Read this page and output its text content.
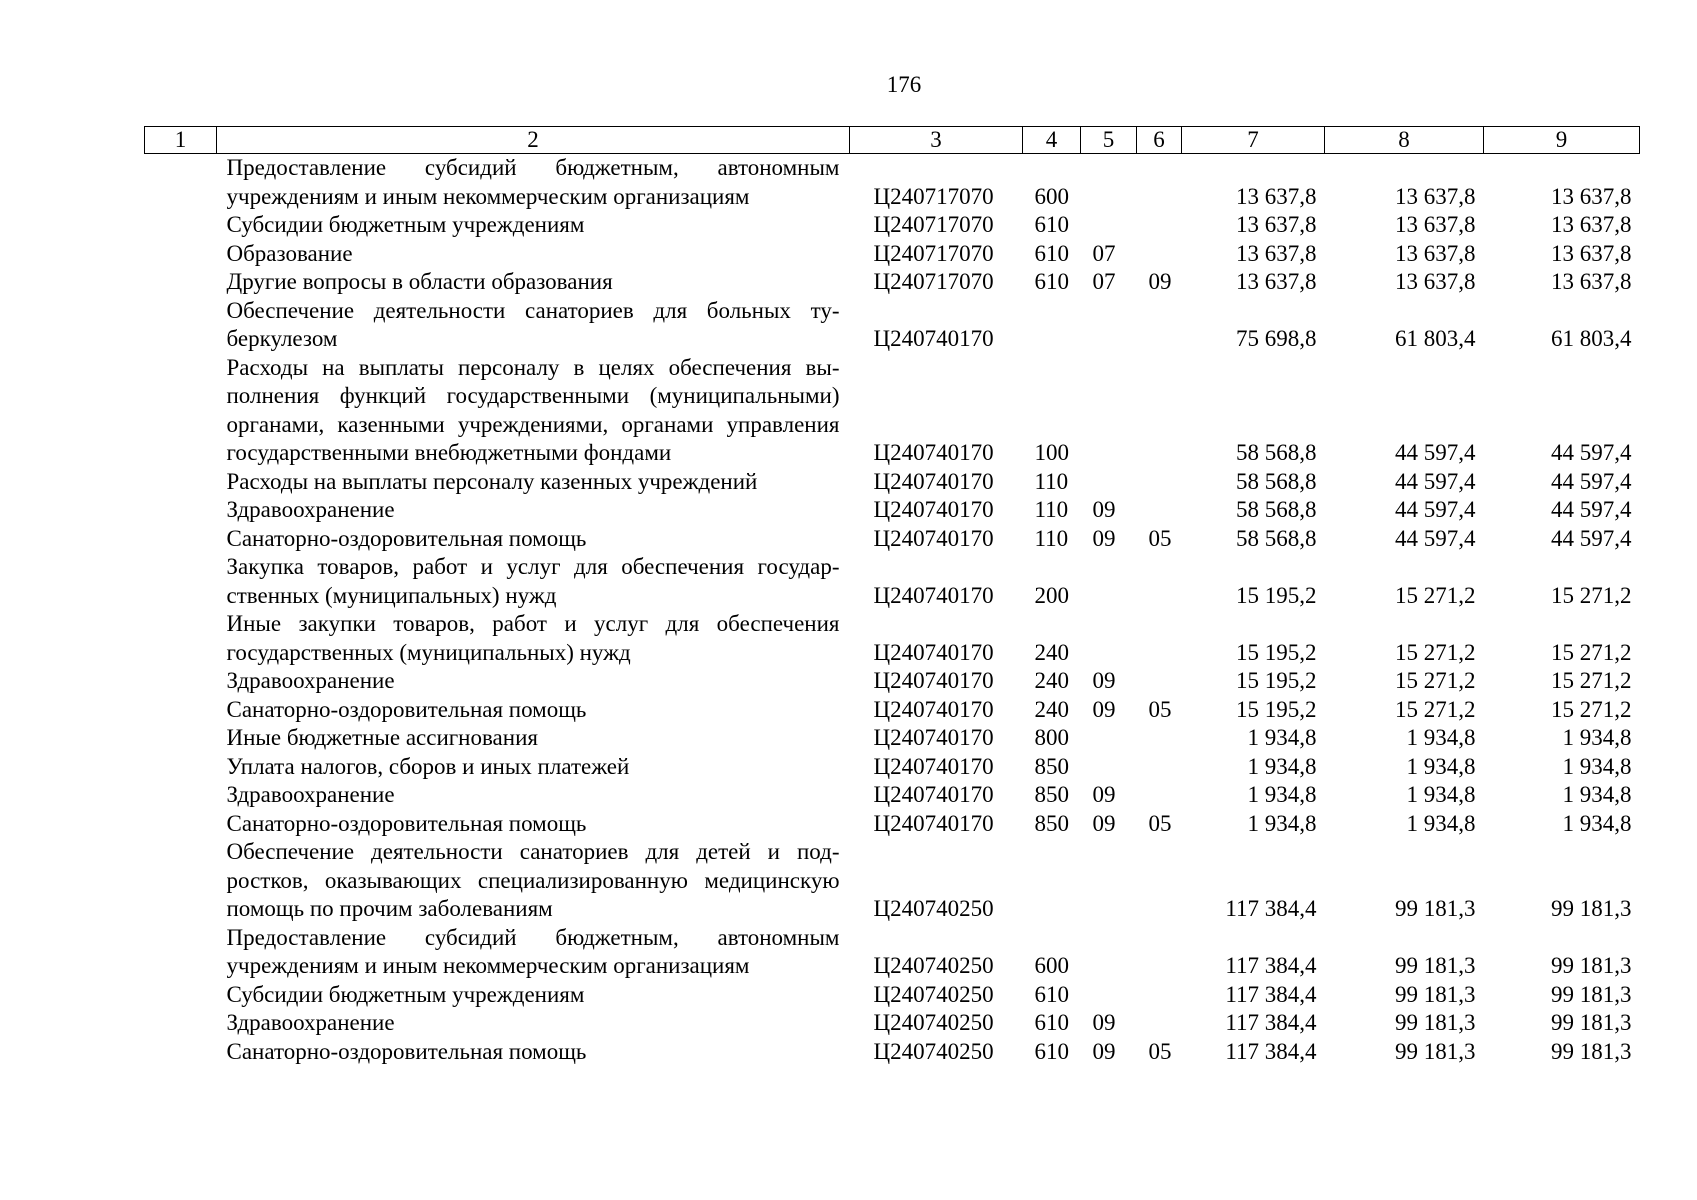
176
1	2	3	4	5	6	7	8	9
	Предоставление субсидий бюджетным, автономным учреждениям и иным некоммерческим организациям	Ц240717070	600			13 637,8	13 637,8	13 637,8
	Субсидии бюджетным учреждениям	Ц240717070	610			13 637,8	13 637,8	13 637,8
	Образование	Ц240717070	610	07		13 637,8	13 637,8	13 637,8
	Другие вопросы в области образования	Ц240717070	610	07	09	13 637,8	13 637,8	13 637,8
	Обеспечение деятельности санаториев для больных туберкулезом	Ц240740170				75 698,8	61 803,4	61 803,4
	Расходы на выплаты персоналу в целях обеспечения выполнения функций государственными (муниципальными) органами, казенными учреждениями, органами управления государственными внебюджетными фондами	Ц240740170	100			58 568,8	44 597,4	44 597,4
	Расходы на выплаты персоналу казенных учреждений	Ц240740170	110			58 568,8	44 597,4	44 597,4
	Здравоохранение	Ц240740170	110	09		58 568,8	44 597,4	44 597,4
	Санаторно-оздоровительная помощь	Ц240740170	110	09	05	58 568,8	44 597,4	44 597,4
	Закупка товаров, работ и услуг для обеспечения государственных (муниципальных) нужд	Ц240740170	200			15 195,2	15 271,2	15 271,2
	Иные закупки товаров, работ и услуг для обеспечения государственных (муниципальных) нужд	Ц240740170	240			15 195,2	15 271,2	15 271,2
	Здравоохранение	Ц240740170	240	09		15 195,2	15 271,2	15 271,2
	Санаторно-оздоровительная помощь	Ц240740170	240	09	05	15 195,2	15 271,2	15 271,2
	Иные бюджетные ассигнования	Ц240740170	800			1 934,8	1 934,8	1 934,8
	Уплата налогов, сборов и иных платежей	Ц240740170	850			1 934,8	1 934,8	1 934,8
	Здравоохранение	Ц240740170	850	09		1 934,8	1 934,8	1 934,8
	Санаторно-оздоровительная помощь	Ц240740170	850	09	05	1 934,8	1 934,8	1 934,8
	Обеспечение деятельности санаториев для детей и подростков, оказывающих специализированную медицинскую помощь по прочим заболеваниям	Ц240740250				117 384,4	99 181,3	99 181,3
	Предоставление субсидий бюджетным, автономным учреждениям и иным некоммерческим организациям	Ц240740250	600			117 384,4	99 181,3	99 181,3
	Субсидии бюджетным учреждениям	Ц240740250	610			117 384,4	99 181,3	99 181,3
	Здравоохранение	Ц240740250	610	09		117 384,4	99 181,3	99 181,3
	Санаторно-оздоровительная помощь	Ц240740250	610	09	05	117 384,4	99 181,3	99 181,3
